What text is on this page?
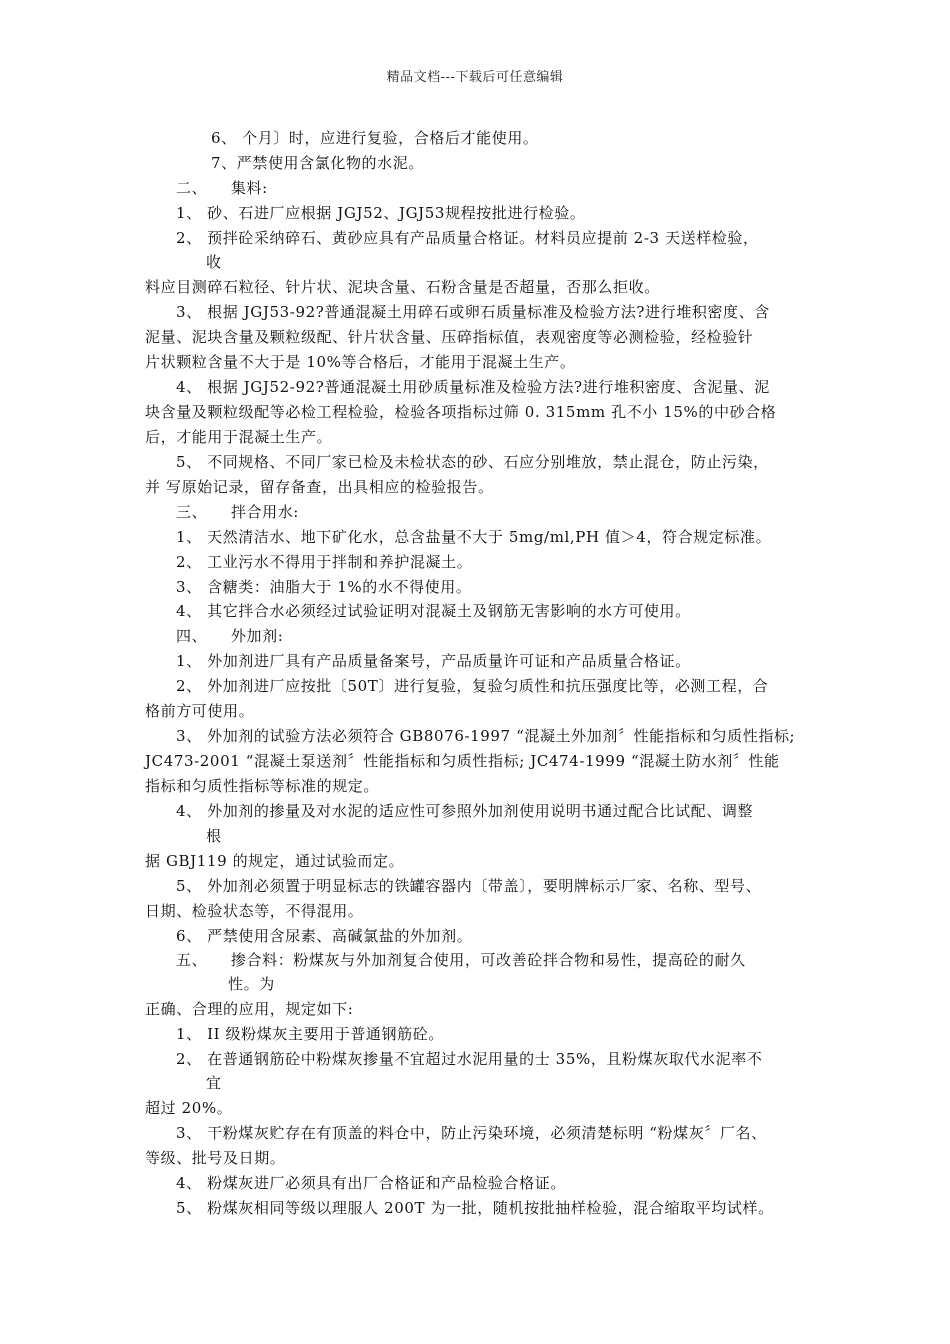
精品文档---下载后可任意编辑
6、 个月〕时，应进行复验，合格后才能使用。
7、严禁使用含氯化物的水泥。
二、　　集料:
1、 砂、石进厂应根据 JGJ52、JGJ53规程按批进行检验。
2、 预拌砼采纳碎石、黄砂应具有产品质量合格证。材料员应提前 2-3 天送样检验，
收
料应目测碎石粒径、针片状、泥块含量、石粉含量是否超量，否那么拒收。
3、 根据 JGJ53-92?普通混凝土用碎石或卵石质量标准及检验方法?进行堆积密度、含
泥量、泥块含量及颗粒级配、针片状含量、压碎指标值，表观密度等必测检验，经检验针
片状颗粒含量不大于是 10%等合格后，才能用于混凝土生产。
4、 根据 JGJ52-92?普通混凝土用砂质量标准及检验方法?进行堆积密度、含泥量、泥
块含量及颗粒级配等必检工程检验，检验各项指标过筛 0. 315mm 孔不小 15%的中砂合格
后，才能用于混凝土生产。
5、 不同规格、不同厂家已检及未检状态的砂、石应分别堆放，禁止混仓，防止污染，
并 写原始记录，留存备查，出具相应的检验报告。
三、　　拌合用水:
1、 天然清洁水、地下矿化水，总含盐量不大于 5mg/ml,PH 值＞4，符合规定标准。
2、 工业污水不得用于拌制和养护混凝土。
3、 含糖类：油脂大于 1%的水不得使用。
4、 其它拌合水必须经过试验证明对混凝土及钢筋无害影响的水方可使用。
四、　　外加剂:
1、 外加剂进厂具有产品质量备案号，产品质量许可证和产品质量合格证。
2、 外加剂进厂应按批〔50T〕进行复验，复验匀质性和抗压强度比等，必测工程，合
格前方可使用。
3、 外加剂的试验方法必须符合 GB8076-1997 “混凝土外加剂〞性能指标和匀质性指标;
JC473-2001 “混凝土泵送剂〞性能指标和匀质性指标; JC474-1999 “混凝土防水剂〞性能
指标和匀质性指标等标准的规定。
4、 外加剂的掺量及对水泥的适应性可参照外加剂使用说明书通过配合比试配、调整
根
据 GBJ119 的规定，通过试验而定。
5、 外加剂必须置于明显标志的铁罐容器内〔带盖〕，要明牌标示厂家、名称、型号、
日期、检验状态等，不得混用。
6、 严禁使用含尿素、高碱氯盐的外加剂。
五、　　掺合料：粉煤灰与外加剂复合使用，可改善砼拌合物和易性，提高砼的耐久
性。为
正确、合理的应用，规定如下:
1、 II 级粉煤灰主要用于普通钢筋砼。
2、 在普通钢筋砼中粉煤灰掺量不宜超过水泥用量的士 35%，且粉煤灰取代水泥率不
宜
超过 20%。
3、 干粉煤灰贮存在有顶盖的料仓中，防止污染环境，必须清楚标明 “粉煤灰〞厂名、
等级、批号及日期。
4、 粉煤灰进厂必须具有出厂合格证和产品检验合格证。
5、 粉煤灰相同等级以理服人 200T 为一批，随机按批抽样检验，混合缩取平均试样。
